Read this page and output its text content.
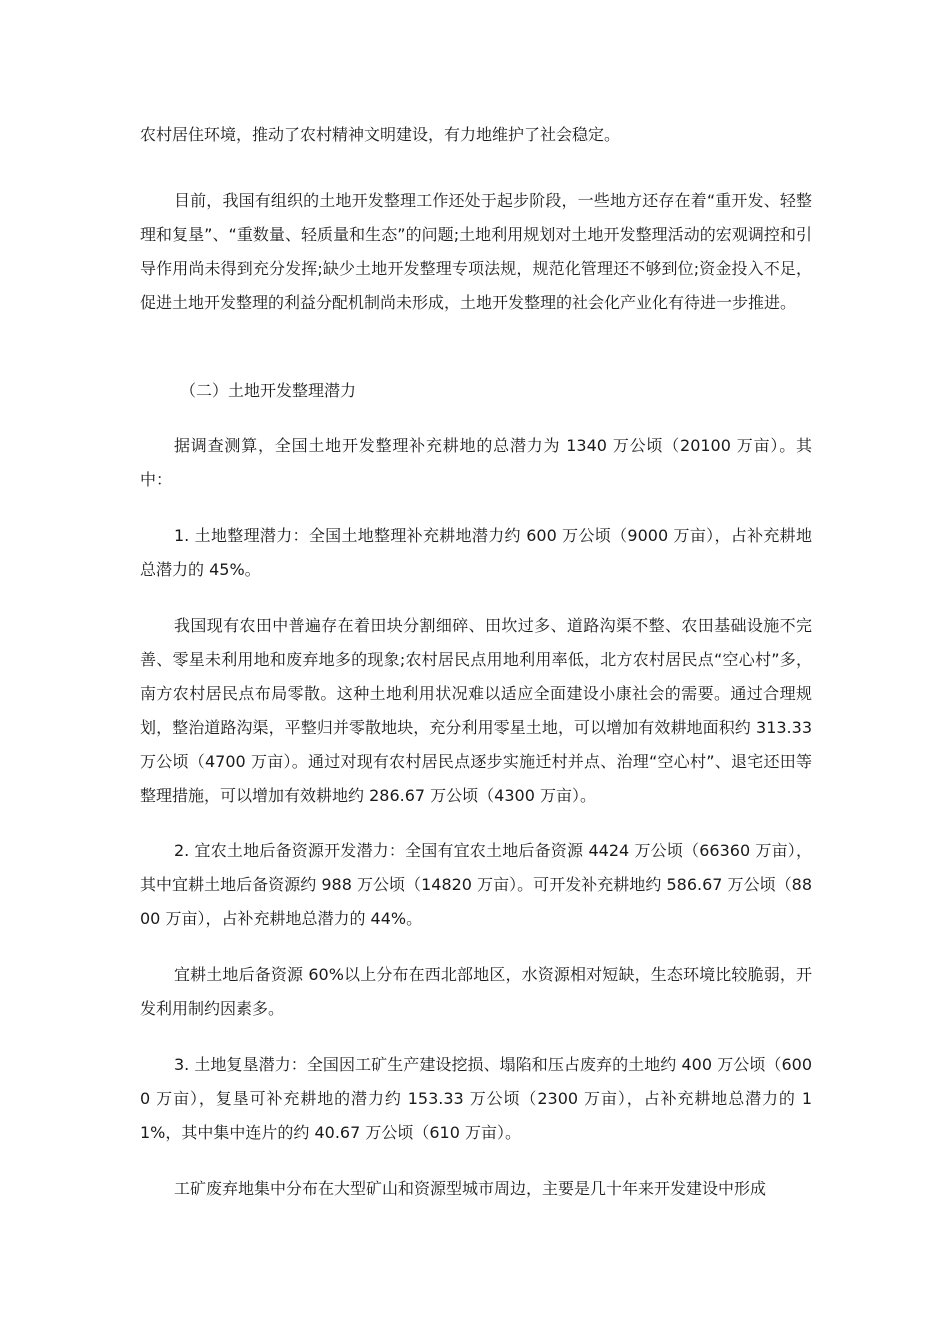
农村居住环境，推动了农村精神文明建设，有力地维护了社会稳定。

目前，我国有组织的土地开发整理工作还处于起步阶段，一些地方还存在着“重开发、轻整理和复垦”、“重数量、轻质量和生态”的问题;土地利用规划对土地开发整理活动的宏观调控和引导作用尚未得到充分发挥;缺少土地开发整理专项法规，规范化管理还不够到位;资金投入不足，促进土地开发整理的利益分配机制尚未形成，土地开发整理的社会化产业化有待进一步推进。

（二）土地开发整理潜力

据调查测算，全国土地开发整理补充耕地的总潜力为 1340 万公顷（20100 万亩）。其中：

1. 土地整理潜力：全国土地整理补充耕地潜力约 600 万公顷（9000 万亩），占补充耕地总潜力的 45%。

我国现有农田中普遍存在着田块分割细碎、田坎过多、道路沟渠不整、农田基础设施不完善、零星未利用地和废弃地多的现象;农村居民点用地利用率低，北方农村居民点“空心村”多，南方农村居民点布局零散。这种土地利用状况难以适应全面建设小康社会的需要。通过合理规划，整治道路沟渠，平整归并零散地块，充分利用零星土地，可以增加有效耕地面积约 313.33 万公顷（4700 万亩）。通过对现有农村居民点逐步实施迁村并点、治理“空心村”、退宅还田等整理措施，可以增加有效耕地约 286.67 万公顷（4300 万亩）。

2. 宜农土地后备资源开发潜力：全国有宜农土地后备资源 4424 万公顷（66360 万亩），其中宜耕土地后备资源约 988 万公顷（14820 万亩）。可开发补充耕地约 586.67 万公顷（8800 万亩），占补充耕地总潜力的 44%。

宜耕土地后备资源 60%以上分布在西北部地区，水资源相对短缺，生态环境比较脆弱，开发利用制约因素多。

3. 土地复垦潜力：全国因工矿生产建设挖损、塌陷和压占废弃的土地约 400 万公顷（6000 万亩），复垦可补充耕地的潜力约 153.33 万公顷（2300 万亩），占补充耕地总潜力的 11%，其中集中连片的约 40.67 万公顷（610 万亩）。

工矿废弃地集中分布在大型矿山和资源型城市周边，主要是几十年来开发建设中形成
